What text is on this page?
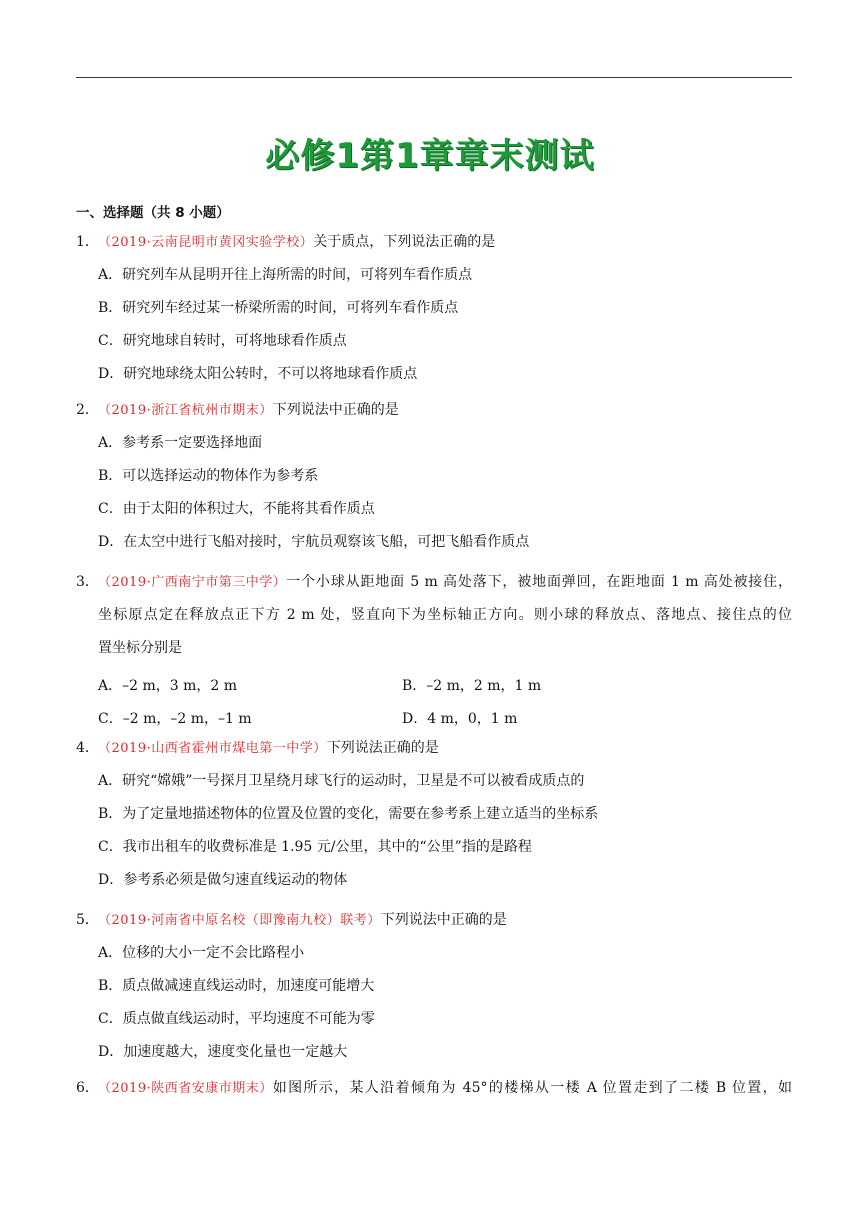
必修1第1章章末测试
一、选择题（共 8 小题）
1．（2019·云南昆明市黄冈实验学校）关于质点，下列说法正确的是
A．研究列车从昆明开往上海所需的时间，可将列车看作质点
B．研究列车经过某一桥梁所需的时间，可将列车看作质点
C．研究地球自转时，可将地球看作质点
D．研究地球绕太阳公转时，不可以将地球看作质点
2．（2019·浙江省杭州市期末）下列说法中正确的是
A．参考系一定要选择地面
B．可以选择运动的物体作为参考系
C．由于太阳的体积过大，不能将其看作质点
D．在太空中进行飞船对接时，宇航员观察该飞船，可把飞船看作质点
3． （2019·广西南宁市第三中学） 一个小球从距地面 5 m 高处落下，被地面弹回，在距地面 1 m 高处被接住，
坐标原点定在释放点正下方 2 m 处，竖直向下为坐标轴正方向。则小球的释放点、落地点、接住点的位
置坐标分别是
A．–2 m，3 m，2 m	B．–2 m，2 m，1 m
C．–2 m，–2 m，–1 m	D．4 m，0，1 m
4．（2019·山西省霍州市煤电第一中学）下列说法正确的是
A．研究“嫦娥”一号探月卫星绕月球飞行的运动时，卫星是不可以被看成质点的
B．为了定量地描述物体的位置及位置的变化，需要在参考系上建立适当的坐标系
C．我市出租车的收费标准是 1.95 元/公里，其中的“公里”指的是路程
D．参考系必须是做匀速直线运动的物体
5．（2019·河南省中原名校（即豫南九校）联考）下列说法中正确的是
A．位移的大小一定不会比路程小
B．质点做减速直线运动时，加速度可能增大
C．质点做直线运动时，平均速度不可能为零
D．加速度越大，速度变化量也一定越大
6． （2019·陕西省安康市期末） 如图所示，某人沿着倾角为 45°的楼梯从一楼 A 位置走到了二楼 B 位置，如
